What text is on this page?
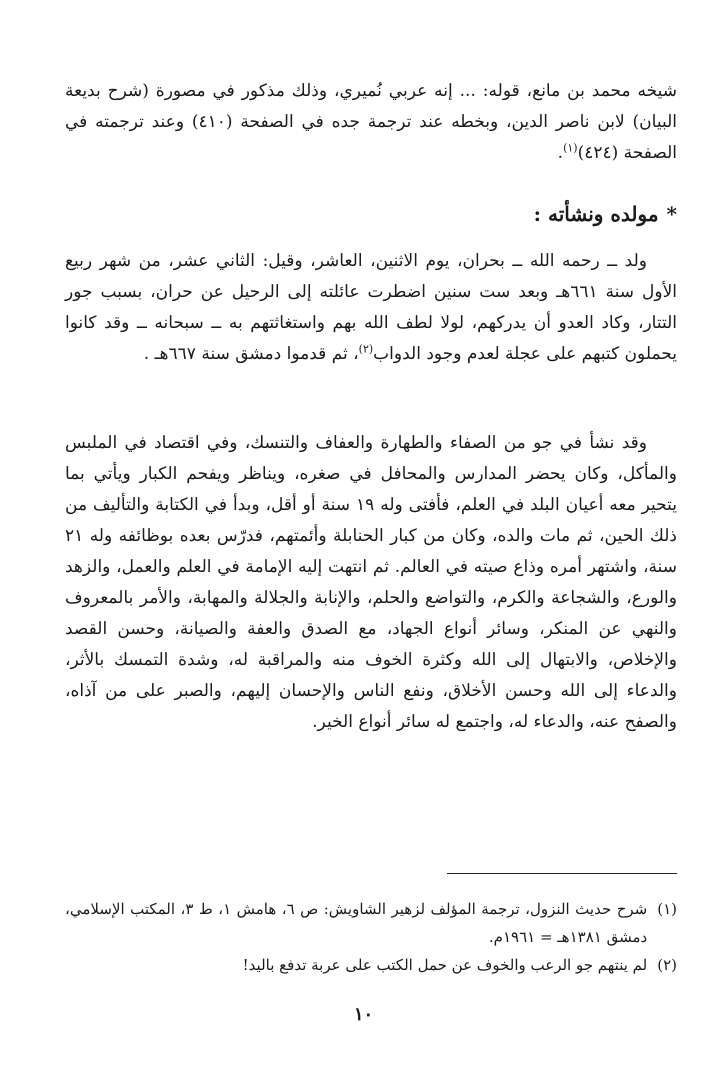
شيخه محمد بن مانع، قوله: ... إنه عربي نُميري، وذلك مذكور في مصورة (شرح بديعة البيان) لابن ناصر الدين، وبخطه عند ترجمة جده في الصفحة (٤١٠) وعند ترجمته في الصفحة (٤٢٤)$^{(١)}$.

*مولده ونشأته :

ولد ــ رحمه الله ــ بحران، يوم الاثنين، العاشر، وقيل: الثاني عشر، من شهر ربيع الأول سنة ٦٦١هـ وبعد ست سنين اضطرت عائلته إلى الرحيل عن حران، بسبب جور التتار، وكاد العدو أن يدركهم، لولا لطف الله بهم واستغاثتهم به ــ سبحانه ــ وقد كانوا يحملون كتبهم على عجلة لعدم وجود الدواب$^{(٢)}$، ثم قدموا دمشق سنة ٦٦٧هـ .

وقد نشأ في جو من الصفاء والطهارة والعفاف والتنسك، وفي اقتصاد في الملبس والمأكل، وكان يحضر المدارس والمحافل في صغره، ويناظر ويفحم الكبار ويأتي بما يتحير معه أعيان البلد في العلم، فأفتى وله ١٩ سنة أو أقل، وبدأ في الكتابة والتأليف من ذلك الحين، ثم مات والده، وكان من كبار الحنابلة وأئمتهم، فدرّس بعده بوظائفه وله ٢١ سنة، واشتهر أمره وذاع صيته في العالم. ثم انتهت إليه الإمامة في العلم والعمل، والزهد والورع، والشجاعة والكرم، والتواضع والحلم، والإنابة والجلالة والمهابة، والأمر بالمعروف والنهي عن المنكر، وسائر أنواع الجهاد، مع الصدق والعفة والصيانة، وحسن القصد والإخلاص، والابتهال إلى الله وكثرة الخوف منه والمراقبة له، وشدة التمسك بالأثر، والدعاء إلى الله وحسن الأخلاق، ونفع الناس والإحسان إليهم، والصبر على من آذاه، والصفح عنه، والدعاء له، واجتمع له سائر أنواع الخير.

(١)
شرح حديث النزول، ترجمة المؤلف لزهير الشاويش: ص ٦، هامش ١، ط ٣، المكتب الإسلامي، دمشق ١٣٨١هـ = ١٩٦١م.
(٢)
لم ينتهم جو الرعب والخوف عن حمل الكتب على عربة تدفع باليد!
١٠
